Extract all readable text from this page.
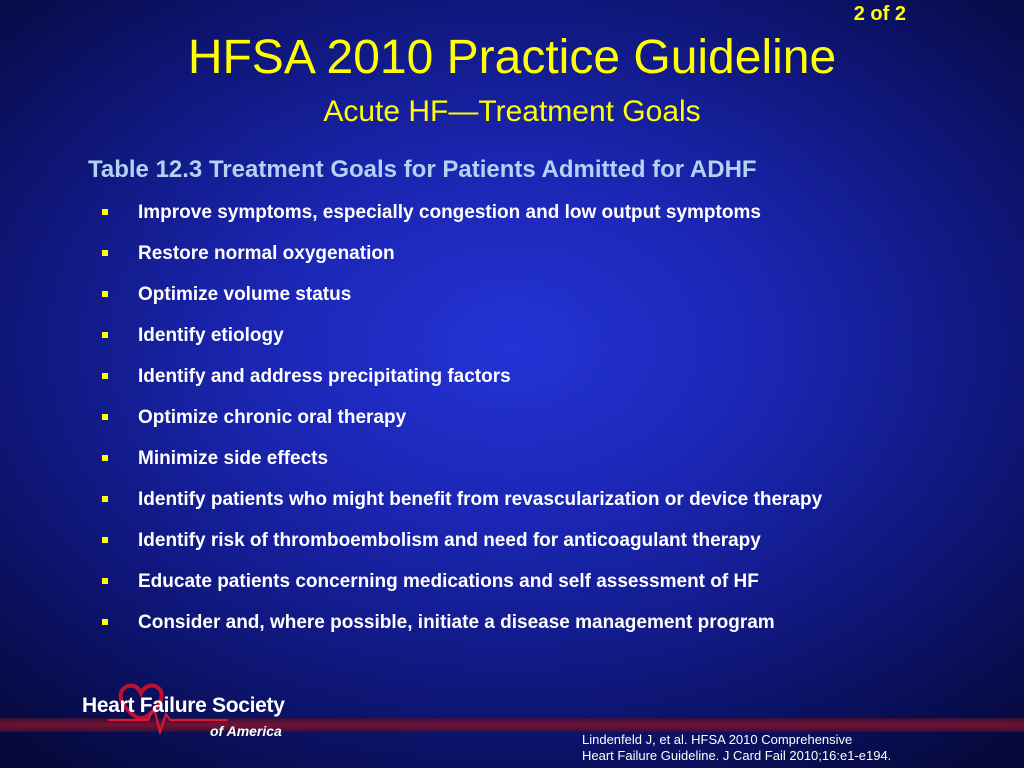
2 of 2
HFSA 2010 Practice Guideline
Acute HF—Treatment Goals
Table 12.3 Treatment Goals for Patients Admitted for ADHF
Improve symptoms, especially congestion and low output symptoms
Restore normal oxygenation
Optimize volume status
Identify etiology
Identify and address precipitating factors
Optimize chronic oral therapy
Minimize side effects
Identify patients who might benefit from revascularization or device therapy
Identify risk of thromboembolism and need for anticoagulant therapy
Educate patients concerning medications and self assessment of HF
Consider and, where possible, initiate a disease management program
Heart Failure Society
of America
Lindenfeld J, et al. HFSA 2010 Comprehensive
Heart Failure Guideline. J Card Fail 2010;16:e1-e194.
